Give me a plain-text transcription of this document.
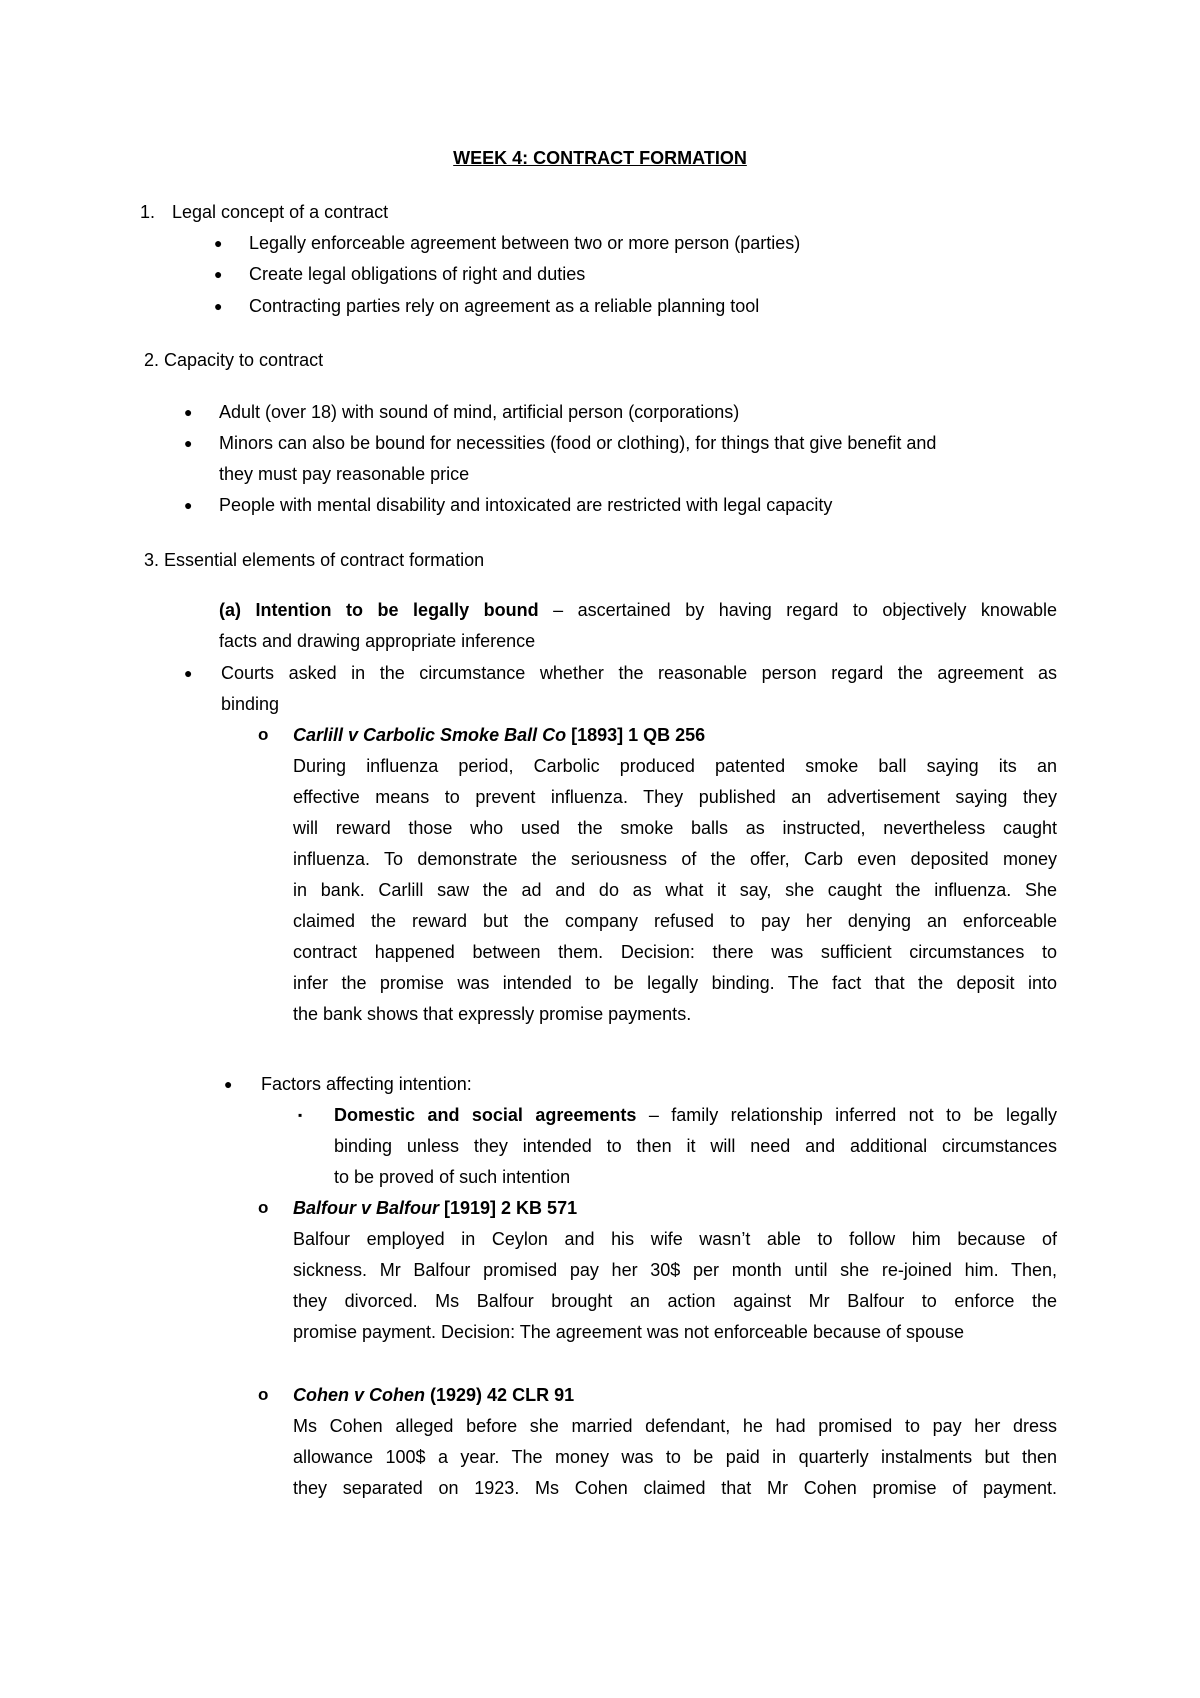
WEEK 4: CONTRACT FORMATION
1. Legal concept of a contract
● Legally enforceable agreement between two or more person (parties)
● Create legal obligations of right and duties
● Contracting parties rely on agreement as a reliable planning tool
2. Capacity to contract
● Adult (over 18) with sound of mind, artificial person (corporations)
● Minors can also be bound for necessities (food or clothing), for things that give benefit and
they must pay reasonable price
● People with mental disability and intoxicated are restricted with legal capacity
3. Essential elements of contract formation
(a) Intention to be legally bound – ascertained by having regard to objectively knowable
facts and drawing appropriate inference
● Courts asked in the circumstance whether the reasonable person regard the agreement as
binding
o Carlill v Carbolic Smoke Ball Co [1893] 1 QB 256
During influenza period, Carbolic produced patented smoke ball saying its an
effective means to prevent influenza. They published an advertisement saying they
will reward those who used the smoke balls as instructed, nevertheless caught
influenza. To demonstrate the seriousness of the offer, Carb even deposited money
in bank. Carlill saw the ad and do as what it say, she caught the influenza. She
claimed the reward but the company refused to pay her denying an enforceable
contract happened between them. Decision: there was sufficient circumstances to
infer the promise was intended to be legally binding. The fact that the deposit into
the bank shows that expressly promise payments.
● Factors affecting intention:
▪ Domestic and social agreements – family relationship inferred not to be legally
binding unless they intended to then it will need and additional circumstances
to be proved of such intention
o Balfour v Balfour [1919] 2 KB 571
Balfour employed in Ceylon and his wife wasn’t able to follow him because of
sickness. Mr Balfour promised pay her 30$ per month until she re-joined him. Then,
they divorced. Ms Balfour brought an action against Mr Balfour to enforce the
promise payment. Decision: The agreement was not enforceable because of spouse
o Cohen v Cohen (1929) 42 CLR 91
Ms Cohen alleged before she married defendant, he had promised to pay her dress
allowance 100$ a year. The money was to be paid in quarterly instalments but then
they separated on 1923. Ms Cohen claimed that Mr Cohen promise of payment.
